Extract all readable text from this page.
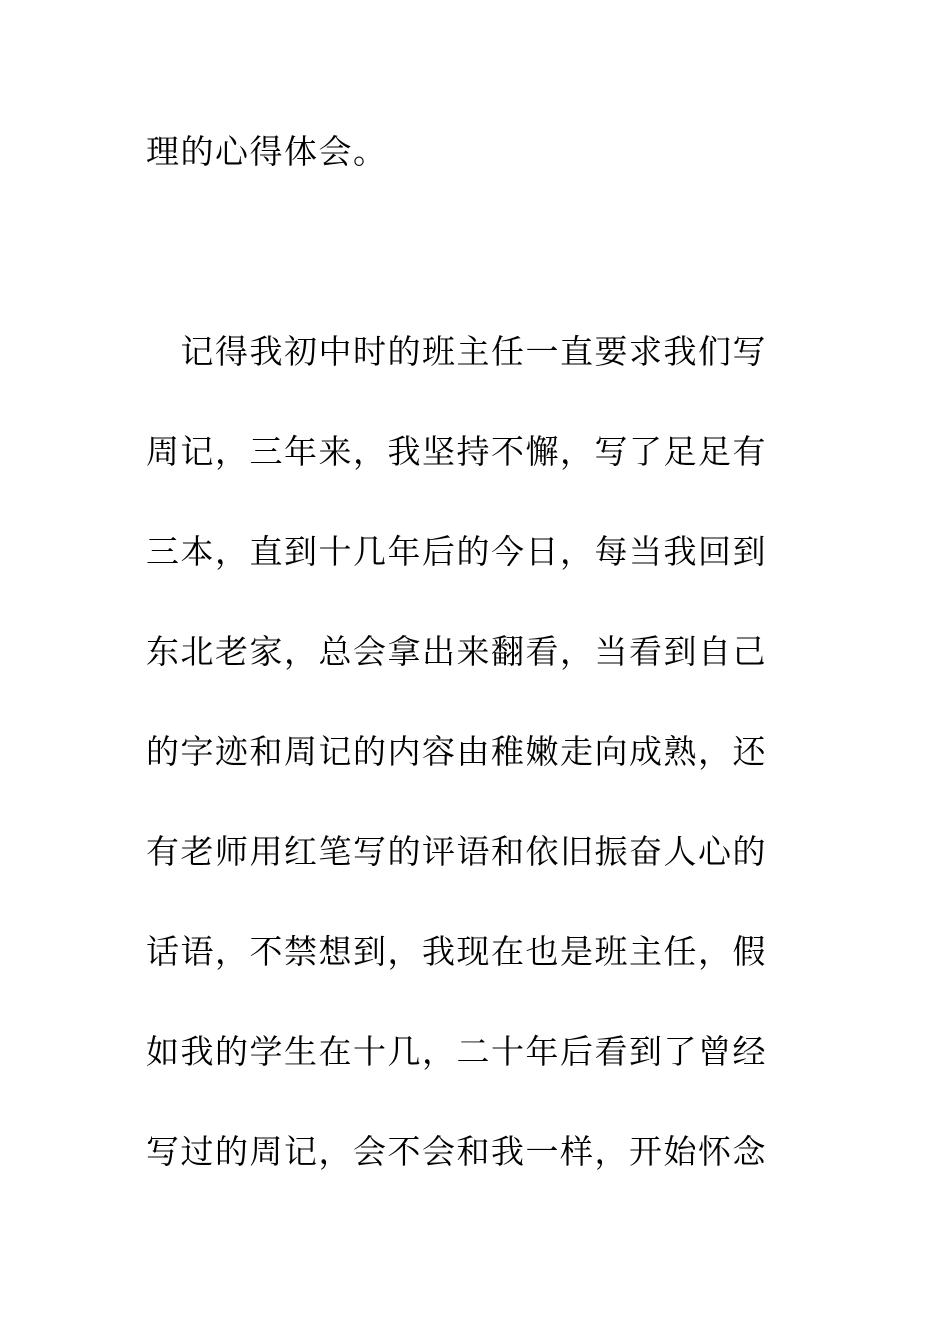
理的心得体会。
　记得我初中时的班主任一直要求我们写
周记，三年来，我坚持不懈，写了足足有
三本，直到十几年后的今日，每当我回到
东北老家，总会拿出来翻看，当看到自己
的字迹和周记的内容由稚嫩走向成熟，还
有老师用红笔写的评语和依旧振奋人心的
话语，不禁想到，我现在也是班主任，假
如我的学生在十几，二十年后看到了曾经
写过的周记，会不会和我一样，开始怀念
